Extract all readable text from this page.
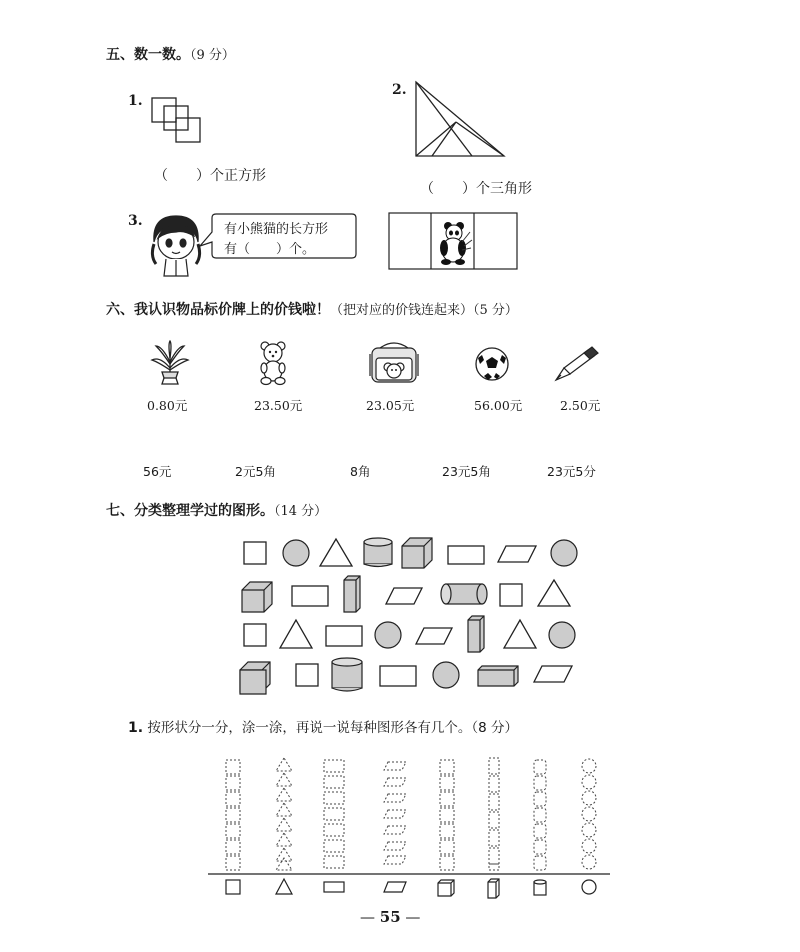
五、数一数。（9 分）
1.
（　　）个正方形
2.
（　　）个三角形
3.
有小熊猫的长方形
有（　　）个。
六、我认识物品标价牌上的价钱啦！（把对应的价钱连起来）（5 分）
0.80元	23.50元	23.05元	56.00元	2.50元
56元	2元5角	8角	23元5角	23元5分
七、分类整理学过的图形。（14 分）
1. 按形状分一分，涂一涂，再说一说每种图形各有几个。（8 分）
— 55 —
